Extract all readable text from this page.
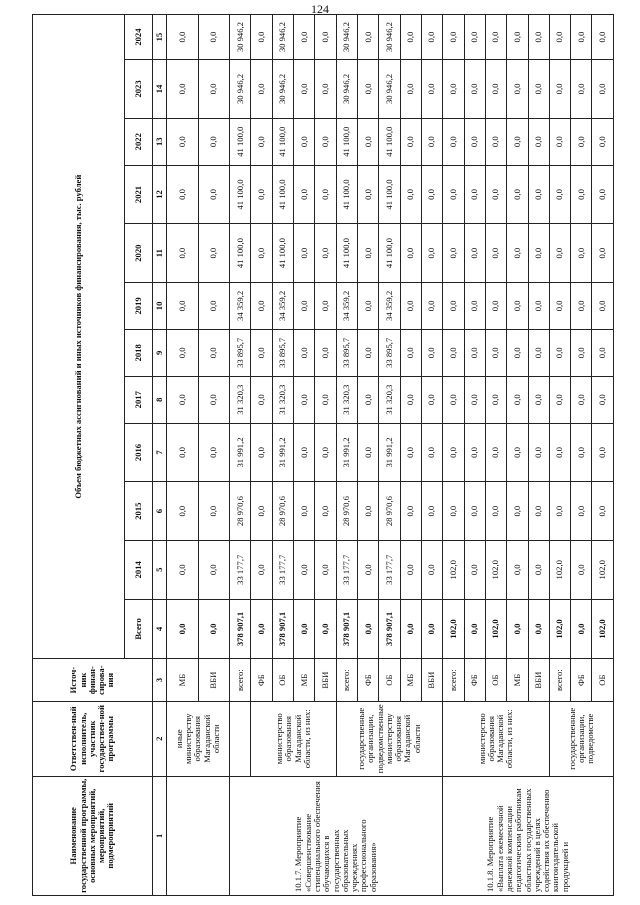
124
Наименование государственной программы, основных мероприятий, мероприятий, подмероприятий	Ответствен-ный исполнитель, участник государствен-ной программы	Источ-ник финан-сирова-ния	Объем бюджетных ассигнований и иных источников финансирования, тыс. рублей											
			Всего	2014	2015	2016	2017	2018	2019	2020	2021	2022	2023	2024
1	2	3	4	5	6	7	8	9	10	11	12	13	14	15
	иные министерству образования Магаданской области	МБ	0,0	0,0	0,0	0,0	0,0	0,0	0,0	0,0	0,0	0,0	0,0	0,0
		ВБИ	0,0	0,0	0,0	0,0	0,0	0,0	0,0	0,0	0,0	0,0	0,0	0,0
10.1.7. Мероприятие «Совершенствование стипендиального обеспечения обучающихся в государственных образовательных учреждениях профессионального образования»		всего:	378 907,1	33 177,7	28 970,6	31 991,2	31 320,3	33 895,7	34 359,2	41 100,0	41 100,0	41 100,0	30 946,2	30 946,2
	министерство образования Магаданской области, из них:	ФБ	0,0	0,0	0,0	0,0	0,0	0,0	0,0	0,0	0,0	0,0	0,0	0,0
		ОБ	378 907,1	33 177,7	28 970,6	31 991,2	31 320,3	33 895,7	34 359,2	41 100,0	41 100,0	41 100,0	30 946,2	30 946,2
		МБ	0,0	0,0	0,0	0,0	0,0	0,0	0,0	0,0	0,0	0,0	0,0	0,0
		ВБИ	0,0	0,0	0,0	0,0	0,0	0,0	0,0	0,0	0,0	0,0	0,0	0,0
	государственные организации, подведомственные министерству образования Магаданской области	всего:	378 907,1	33 177,7	28 970,6	31 991,2	31 320,3	33 895,7	34 359,2	41 100,0	41 100,0	41 100,0	30 946,2	30 946,2
		ФБ	0,0	0,0	0,0	0,0	0,0	0,0	0,0	0,0	0,0	0,0	0,0	0,0
		ОБ	378 907,1	33 177,7	28 970,6	31 991,2	31 320,3	33 895,7	34 359,2	41 100,0	41 100,0	41 100,0	30 946,2	30 946,2
		МБ	0,0	0,0	0,0	0,0	0,0	0,0	0,0	0,0	0,0	0,0	0,0	0,0
		ВБИ	0,0	0,0	0,0	0,0	0,0	0,0	0,0	0,0	0,0	0,0	0,0	0,0
10.1.8. Мероприятие «Выплата ежемесячной денежной компенсации педагогическим работникам областных государственных учреждений в целях содействия их обеспечению книгоиздательской продукцией и	министерство образования Магаданской области, из них:	всего:	102,0	102,0	0,0	0,0	0,0	0,0	0,0	0,0	0,0	0,0	0,0	0,0
		ФБ	0,0	0,0	0,0	0,0	0,0	0,0	0,0	0,0	0,0	0,0	0,0	0,0
		ОБ	102,0	102,0	0,0	0,0	0,0	0,0	0,0	0,0	0,0	0,0	0,0	0,0
		МБ	0,0	0,0	0,0	0,0	0,0	0,0	0,0	0,0	0,0	0,0	0,0	0,0
		ВБИ	0,0	0,0	0,0	0,0	0,0	0,0	0,0	0,0	0,0	0,0	0,0	0,0
	государственные организации, подведомстве	всего:	102,0	102,0	0,0	0,0	0,0	0,0	0,0	0,0	0,0	0,0	0,0	0,0
		ФБ	0,0	0,0	0,0	0,0	0,0	0,0	0,0	0,0	0,0	0,0	0,0	0,0
		ОБ	102,0	102,0	0,0	0,0	0,0	0,0	0,0	0,0	0,0	0,0	0,0	0,0
